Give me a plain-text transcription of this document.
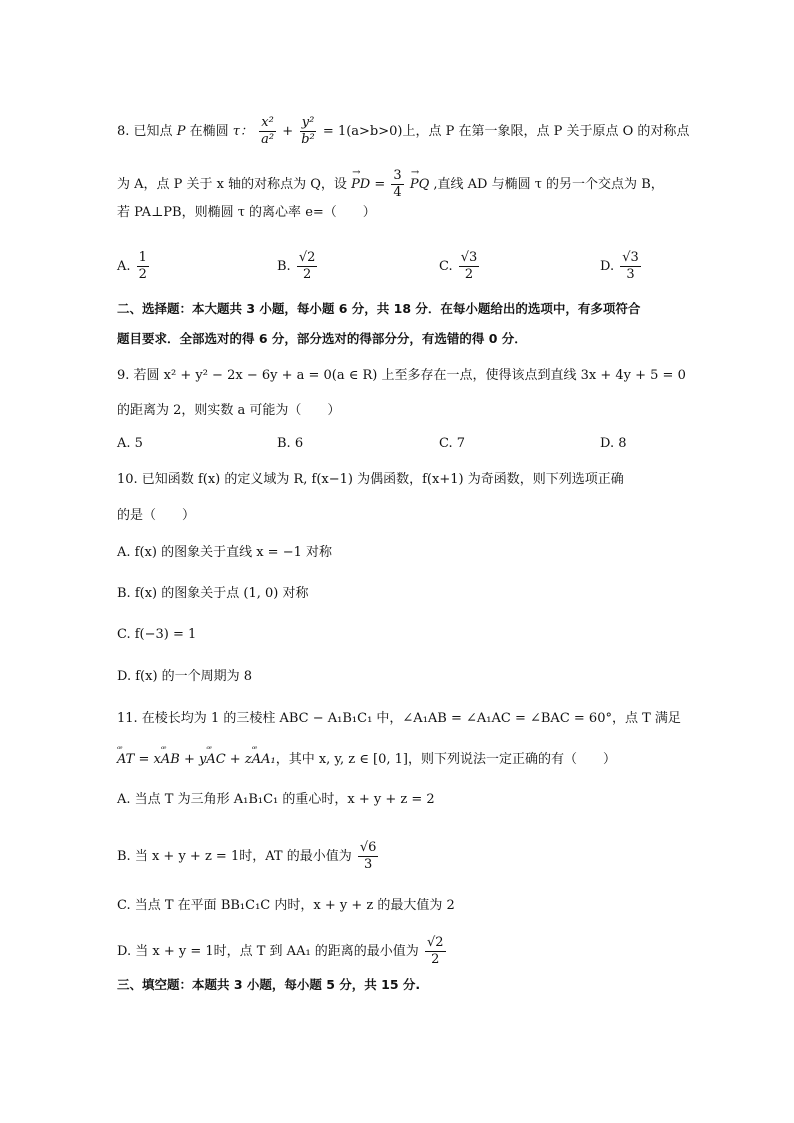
8. 已知点 P 在椭圆 τ： $\frac{\text{x²}}{\text{a²}} + \frac{\text{y²}}{\text{b²}} = 1(a>b>0)$上，点 P 在第一象限，点 P 关于原点 O 的对称点
为 A，点 P 关于 x 轴的对称点为 Q，设 → PD = $\frac{3}{4}$ → PQ ,直线 AD 与椭圆 τ 的另一个交点为 B，
若 PA⊥PB，则椭圆 τ 的离心率 e=（　　）
A. $\frac{1}{2}$	B. $\frac{√2}{2}$	C. $\frac{√3}{2}$	D. $\frac{√3}{3}$
二、选择题：本大题共 3 小题，每小题 6 分，共 18 分．在每小题给出的选项中，有多项符合
题目要求．全部选对的得 6 分，部分选对的得部分分，有选错的得 0 分．
9. 若圆 x² + y² − 2x − 6y + a = 0(a ∈ R) 上至多存在一点，使得该点到直线 3x + 4y + 5 = 0
的距离为 2，则实数 a 可能为（　　）
A. 5	B. 6	C. 7	D. 8
10. 已知函数 f(x) 的定义域为 R, f(x−1) 为偶函数，f(x+1) 为奇函数，则下列选项正确
的是（　　）
A. f(x) 的图象关于直线 x = −1 对称
B. f(x) 的图象关于点 (1, 0) 对称
C. f(−3) = 1
D. f(x) 的一个周期为 8
11. 在棱长均为 1 的三棱柱 ABC − A₁B₁C₁ 中，∠A₁AB = ∠A₁AC = ∠BAC = 60°，点 T 满足
ꟹ AT = xꟹ AB + yꟹ AC + zꟹ AA₁，其中 x, y, z ∈ [0, 1]，则下列说法一定正确的有（　　）
A. 当点 T 为三角形 A₁B₁C₁ 的重心时，x + y + z = 2
B. 当 x + y + z = 1时，AT 的最小值为 $\frac{√6}{3}$
C. 当点 T 在平面 BB₁C₁C 内时，x + y + z 的最大值为 2
D. 当 x + y = 1时，点 T 到 AA₁ 的距离的最小值为 $\frac{√2}{2}$
三、填空题：本题共 3 小题，每小题 5 分，共 15 分.
